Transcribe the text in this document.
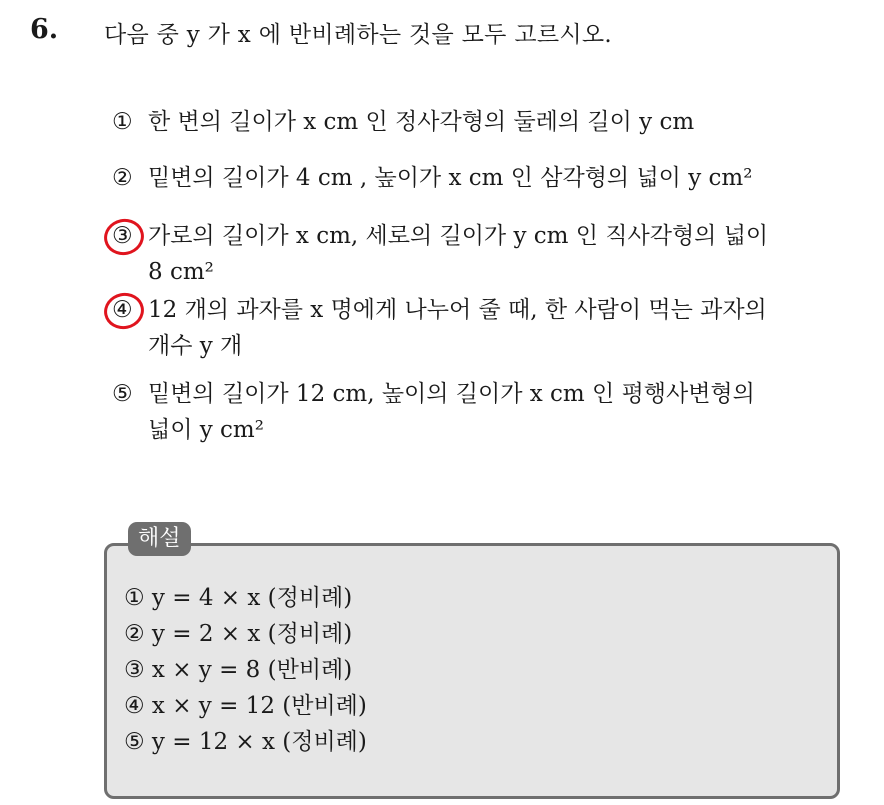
6. 다음 중 y 가 x 에 반비례하는 것을 모두 고르시오.
① 한 변의 길이가 x cm 인 정사각형의 둘레의 길이 y cm
② 밑변의 길이가 4 cm , 높이가 x cm 인 삼각형의 넓이 y cm²
③ 가로의 길이가 x cm, 세로의 길이가 y cm 인 직사각형의 넓이
8 cm²
④ 12 개의 과자를 x 명에게 나누어 줄 때, 한 사람이 먹는 과자의
개수 y 개
⑤ 밑변의 길이가 12 cm, 높이의 길이가 x cm 인 평행사변형의
넓이 y cm²
해설
① y = 4 × x (정비례)
② y = 2 × x (정비례)
③ x × y = 8 (반비례)
④ x × y = 12 (반비례)
⑤ y = 12 × x (정비례)
